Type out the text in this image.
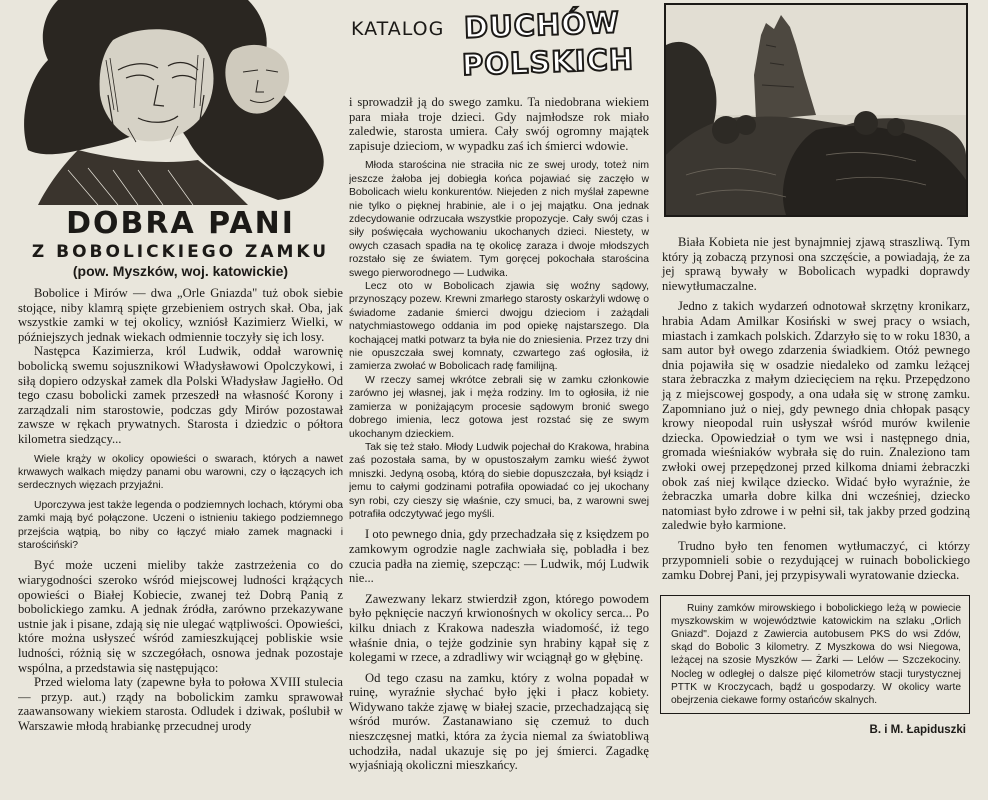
DOBRA PANI
Z BOBOLICKIEGO ZAMKU
(pow. Myszków, woj. katowickie)

Bobolice i Mirów — dwa „Orle Gniazda" tuż obok siebie stojące, niby klamrą spięte grzebieniem ostrych skał. Oba, jak wszystkie zamki w tej okolicy, wzniósł Kazimierz Wielki, w późniejszych jednak wiekach odmiennie toczyły się ich losy.

Następca Kazimierza, król Ludwik, oddał warownię bobolicką swemu sojusznikowi Władysławowi Opolczykowi, i siłą dopiero odzyskał zamek dla Polski Władysław Jagiełło. Od tego czasu bobolicki zamek przeszedł na własność Korony i zarządzali nim starostowie, podczas gdy Mirów pozostawał zawsze w rękach prywatnych. Starosta i dziedzic o półtora kilometra siedzący...

Wiele krąży w okolicy opowieści o swarach, których a nawet krwawych walkach między panami obu warowni, czy o łączących ich serdecznych więzach przyjaźni.

Uporczywa jest także legenda o podziemnych lochach, którymi oba zamki mają być połączone. Uczeni o istnieniu takiego podziemnego przejścia wątpią, bo niby co łączyć miało zamek magnacki i starościński?

Być może uczeni mieliby także zastrzeżenia co do wiarygodności szeroko wśród miejscowej ludności krążących opowieści o Białej Kobiecie, zwanej też Dobrą Panią z bobolickiego zamku. A jednak źródła, zarówno przekazywane ustnie jak i pisane, zdają się nie ulegać wątpliwości. Opowieści, które można usłyszeć wśród zamieszkującej pobliskie wsie ludności, różnią się w szczegółach, osnowa jednak pozostaje wspólna, a przedstawia się następująco:

Przed wieloma laty (zapewne była to połowa XVIII stulecia — przyp. aut.) rządy na bobolickim zamku sprawował zaawansowany wiekiem starosta. Odludek i dziwak, poślubił w Warszawie młodą hrabiankę przecudnej urody

KATALOG DUCHÓW
POLSKICH

i sprowadził ją do swego zamku. Ta niedobrana wiekiem para miała troje dzieci. Gdy najmłodsze rok miało zaledwie, starosta umiera. Cały swój ogromny majątek zapisuje dzieciom, w wypadku zaś ich śmierci wdowie.

Młoda starościna nie straciła nic ze swej urody, toteż nim jeszcze żałoba jej dobiegła końca pojawiać się zaczęło w Bobolicach wielu konkurentów. Niejeden z nich myślał zapewne nie tylko o pięknej hrabinie, ale i o jej majątku. Ona jednak zdecydowanie odrzucała wszystkie propozycje. Cały swój czas i siły poświęcała wychowaniu ukochanych dzieci. Niestety, w owych czasach spadła na tę okolicę zaraza i dwoje młodszych rozstało się ze światem. Tym goręcej pokochała starościna swego pierworodnego — Ludwika.

Lecz oto w Bobolicach zjawia się woźny sądowy, przynoszący pozew. Krewni zmarłego starosty oskarżyli wdowę o świadome zadanie śmierci dwojgu dzieciom i zażądali natychmiastowego oddania im pod opiekę najstarszego. Dla kochającej matki potwarz ta była nie do zniesienia. Przez trzy dni nie opuszczała swej komnaty, czwartego zaś ogłosiła, iż zamierza zwołać w Bobolicach radę familijną.

W rzeczy samej wkrótce zebrali się w zamku członkowie zarówno jej własnej, jak i męża rodziny. Im to ogłosiła, iż nie zamierza w poniżającym procesie sądowym bronić swego dobrego imienia, lecz gotowa jest rozstać się ze swym ukochanym dzieckiem.

Tak się też stało. Młody Ludwik pojechał do Krakowa, hrabina zaś pozostała sama, by w opustoszałym zamku wieść żywot mniszki. Jedyną osobą, którą do siebie dopuszczała, był ksiądz i jemu to całymi godzinami potrafiła opowiadać co jej ukochany syn robi, czy cieszy się właśnie, czy smuci, ba, z warowni swej potrafiła odczytywać jego myśli.

I oto pewnego dnia, gdy przechadzała się z księdzem po zamkowym ogrodzie nagle zachwiała się, pobladła i bez czucia padła na ziemię, szepcząc: — Ludwik, mój Ludwik nie...

Zawezwany lekarz stwierdził zgon, którego powodem było pęknięcie naczyń krwionośnych w okolicy serca... Po kilku dniach z Krakowa nadeszła wiadomość, iż tego właśnie dnia, o tejże godzinie syn hrabiny kąpał się z kolegami w rzece, a zdradliwy wir wciągnął go w głębinę.

Od tego czasu na zamku, który z wolna popadał w ruinę, wyraźnie słychać było jęki i płacz kobiety. Widywano także zjawę w białej szacie, przechadzającą się wśród murów. Zastanawiano się czemuż to duch nieszczęsnej matki, która za życia niemal za światobliwą uchodziła, nadal ukazuje się po jej śmierci. Zagadkę wyjaśniają okoliczni mieszkańcy.

Biała Kobieta nie jest bynajmniej zjawą straszliwą. Tym który ją zobaczą przynosi ona szczęście, a powiadają, że za jej sprawą bywały w Bobolicach wypadki doprawdy niewytłumaczalne.

Jedno z takich wydarzeń odnotował skrzętny kronikarz, hrabia Adam Amilkar Kosiński w swej pracy o wsiach, miastach i zamkach polskich. Zdarzyło się to w roku 1830, a sam autor był owego zdarzenia świadkiem. Otóż pewnego dnia pojawiła się w osadzie niedaleko od zamku leżącej stara żebraczka z małym dziecięciem na ręku. Przepędzono ją z miejscowej gospody, a ona udała się w stronę zamku. Zapomniano już o niej, gdy pewnego dnia chłopak pasący krowy nieopodal ruin usłyszał wśród murów kwilenie dziecka. Opowiedział o tym we wsi i następnego dnia, gromada wieśniaków wybrała się do ruin. Znaleziono tam zwłoki owej przepędzonej przed kilkoma dniami żebraczki obok zaś niej kwilące dziecko. Widać było wyraźnie, że żebraczka umarła dobre kilka dni wcześniej, dziecko natomiast było zdrowe i w pełni sił, tak jakby przed godziną zaledwie było karmione.

Trudno było ten fenomen wytłumaczyć, ci którzy przypomnieli sobie o rezydującej w ruinach bobolickiego zamku Dobrej Pani, jej przypisywali wyratowanie dziecka.

Ruiny zamków mirowskiego i bobolickiego leżą w powiecie myszkowskim w województwie katowickim na szlaku „Orlich Gniazd". Dojazd z Zawiercia autobusem PKS do wsi Zdów, skąd do Bobolic 3 kilometry. Z Myszkowa do wsi Niegowa, leżącej na szosie Myszków — Żarki — Lelów — Szczekociny. Nocleg w odległej o dalsze pięć kilometrów stacji turystycznej PTTK w Kroczycach, bądź u gospodarzy. W okolicy warte obejrzenia ciekawe formy ostańców skalnych.

B. i M. Łapiduszki
